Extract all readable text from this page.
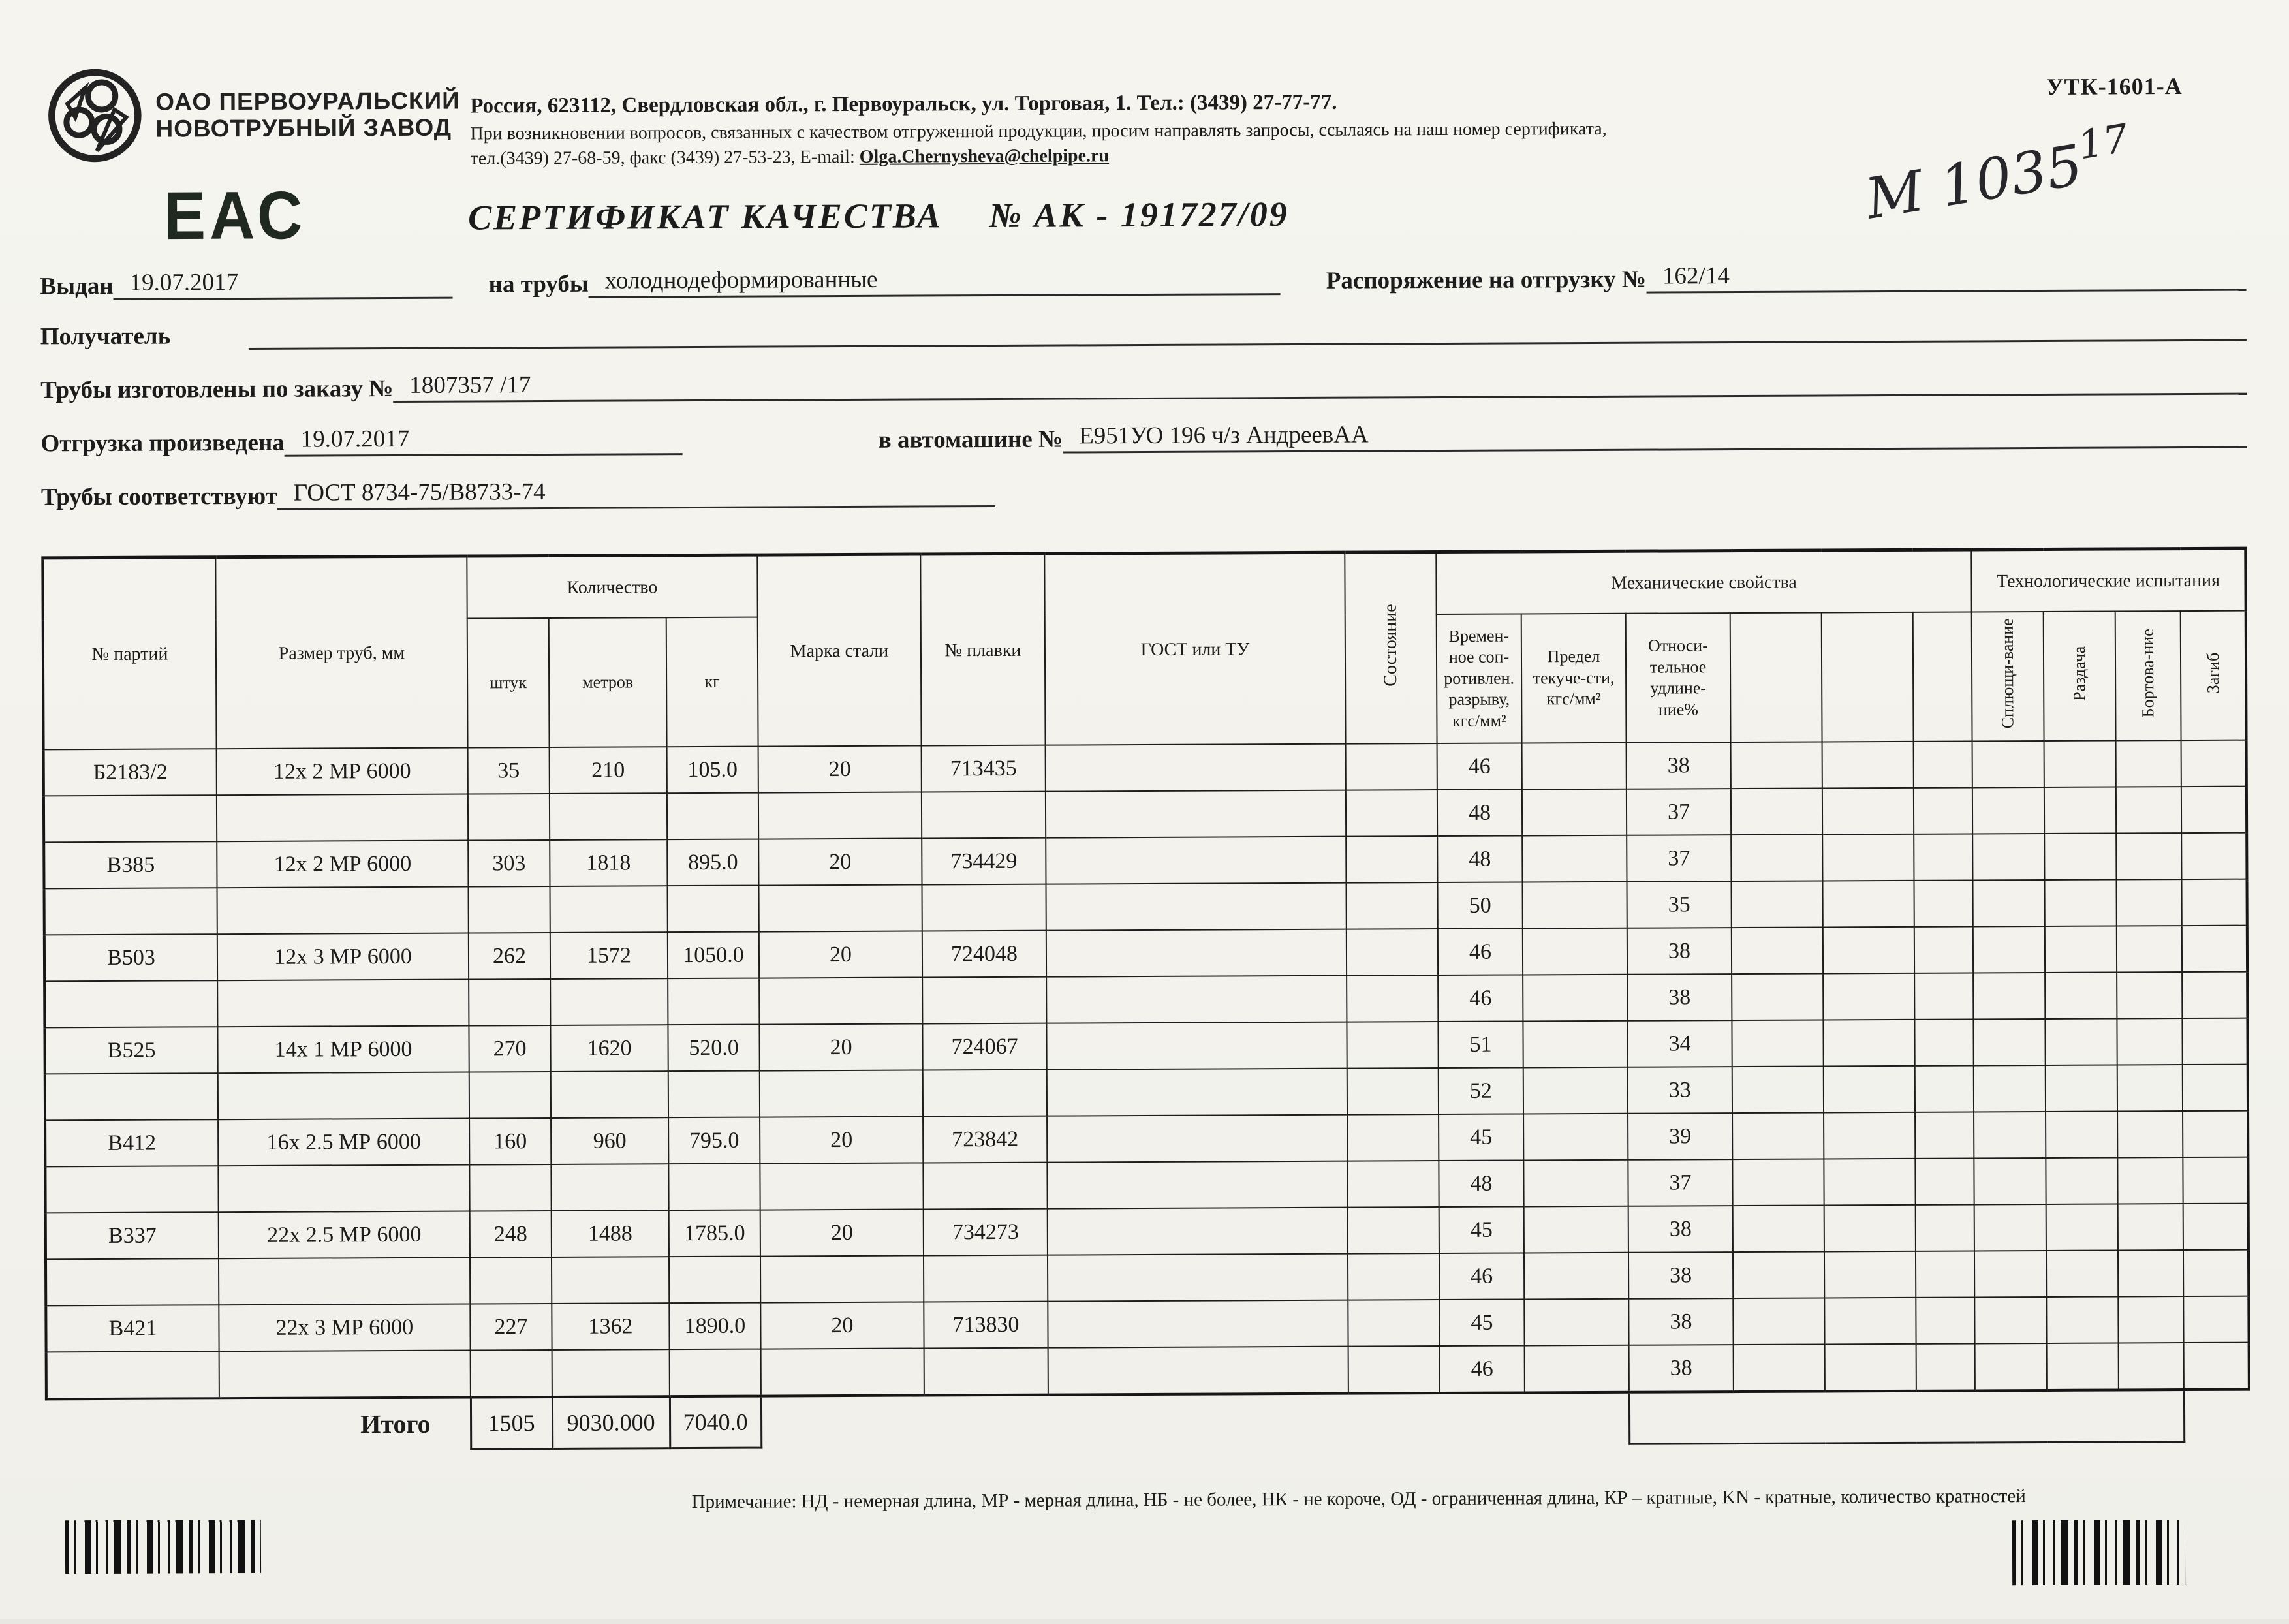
ОАО ПЕРВОУРАЛЬСКИЙ
НОВОТРУБНЫЙ ЗАВОД
ЕАС
Россия, 623112, Свердловская обл., г. Первоуральск, ул. Торговая, 1. Тел.: (3439) 27-77-77.
При возникновении вопросов, связанных с качеством отгруженной продукции, просим направлять запросы, ссылаясь на наш номер сертификата,
тел.(3439) 27-68-59, факс (3439) 27-53-23, E-mail: Olga.Chernysheva@chelpipe.ru
УТК-1601-А
М 1035$^{17}$
СЕРТИФИКАТ КАЧЕСТВА № АК - 191727/09
Выдан 19.07.2017	на трубы холоднодеформированные	Распоряжение на отгрузку № 162/14
Получатель
Трубы изготовлены по заказу № 1807357 /17
Отгрузка произведена 19.07.2017	в автомашине № Е951УО 196 ч/з АндреевАА
Трубы соответствуют ГОСТ 8734-75/В8733-74
№ партий	Размер труб, мм	Количество			Марка стали	№ плавки	ГОСТ или ТУ	Состояние	Механические свойства						Технологические испытания			
		штук	метров	кг					Времен-ное соп-ротивлен. разрыву, кгс/мм²	Предел текуче-сти, кгс/мм²	Относи-тельное удлине-ние%				Сплющи-вание	Раздача	Бортова-ние	Загиб
Б2183/2	12х 2 МР 6000	35	210	105.0	20	713435			46		38							
									48		37							
В385	12х 2 МР 6000	303	1818	895.0	20	734429			48		37							
									50		35							
В503	12х 3 МР 6000	262	1572	1050.0	20	724048			46		38							
									46		38							
В525	14х 1 МР 6000	270	1620	520.0	20	724067			51		34							
									52		33							
В412	16х 2.5 МР 6000	160	960	795.0	20	723842			45		39							
									48		37							
В337	22х 2.5 МР 6000	248	1488	1785.0	20	734273			45		38							
									46		38							
В421	22х 3 МР 6000	227	1362	1890.0	20	713830			45		38							
									46		38							
Итого		1505	9030.000	7040.0														
Примечание: НД - немерная длина, МР - мерная длина, НБ - не более, НК - не короче, ОД - ограниченная длина, КР – кратные, KN - кратные, количество кратностей
